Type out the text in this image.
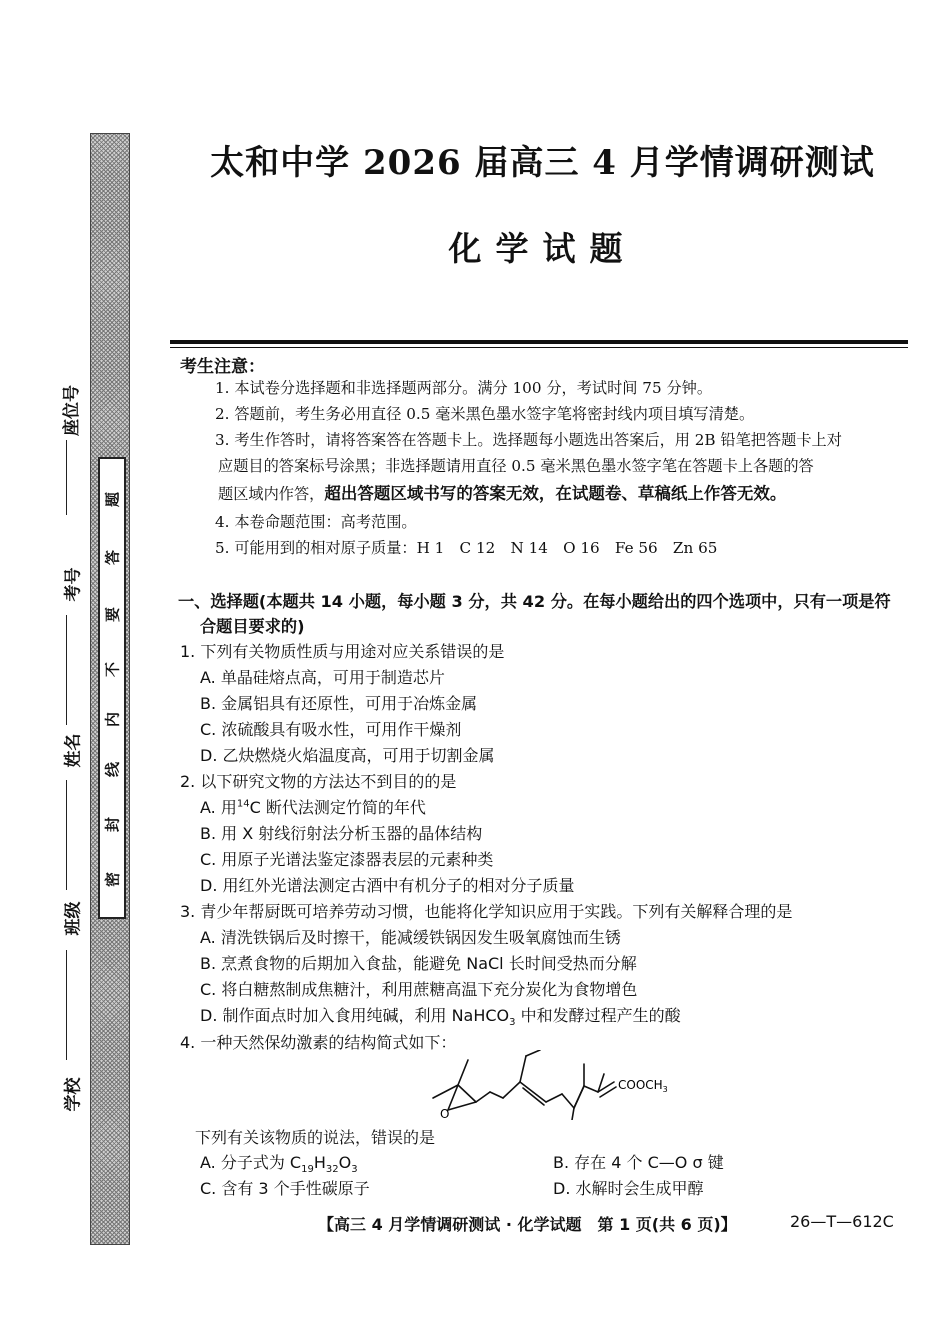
题
答
要
不
内
线
封
密
座位号
考号
姓名
班级
学校
太和中学 2026 届高三 4 月学情调研测试
化学试题
考生注意：
1. 本试卷分选择题和非选择题两部分。满分 100 分，考试时间 75 分钟。
2. 答题前，考生务必用直径 0.5 毫米黑色墨水签字笔将密封线内项目填写清楚。
3. 考生作答时，请将答案答在答题卡上。选择题每小题选出答案后，用 2B 铅笔把答题卡上对
应题目的答案标号涂黑；非选择题请用直径 0.5 毫米黑色墨水签字笔在答题卡上各题的答
题区域内作答，超出答题区域书写的答案无效，在试题卷、草稿纸上作答无效。
4. 本卷命题范围：高考范围。
5. 可能用到的相对原子质量：H 1　C 12　N 14　O 16　Fe 56　Zn 65
一、选择题(本题共 14 小题，每小题 3 分，共 42 分。在每小题给出的四个选项中，只有一项是符
合题目要求的)
1. 下列有关物质性质与用途对应关系错误的是
A. 单晶硅熔点高，可用于制造芯片
B. 金属铝具有还原性，可用于冶炼金属
C. 浓硫酸具有吸水性，可用作干燥剂
D. 乙炔燃烧火焰温度高，可用于切割金属
2. 以下研究文物的方法达不到目的的是
A. 用$^{14}$C 断代法测定竹简的年代
B. 用 X 射线衍射法分析玉器的晶体结构
C. 用原子光谱法鉴定漆器表层的元素种类
D. 用红外光谱法测定古酒中有机分子的相对分子质量
3. 青少年帮厨既可培养劳动习惯，也能将化学知识应用于实践。下列有关解释合理的是
A. 清洗铁锅后及时擦干，能减缓铁锅因发生吸氧腐蚀而生锈
B. 烹煮食物的后期加入食盐，能避免 NaCl 长时间受热而分解
C. 将白糖熬制成焦糖汁，利用蔗糖高温下充分炭化为食物增色
D. 制作面点时加入食用纯碱，利用 NaHCO$_3$ 中和发酵过程产生的酸
4. 一种天然保幼激素的结构简式如下：
O
$COOCH_3$
下列有关该物质的说法，错误的是
A. 分子式为 $C_{19}H_{32}O_3$	B. 存在 4 个 C—O σ 键
C. 含有 3 个手性碳原子	D. 水解时会生成甲醇
【高三 4 月学情调研测试 · 化学试题　第 1 页(共 6 页)】	26—T—612C
